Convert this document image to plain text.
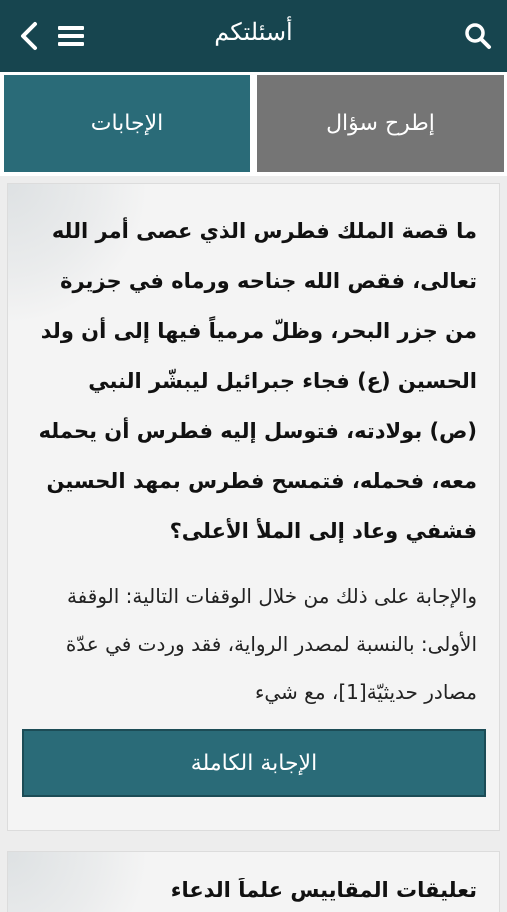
أسئلتكم
الإجابات	إطرح سؤال
ما قصة الملك فطرس الذي عصى أمر الله تعالى، فقص الله جناحه ورماه في جزيرة من جزر البحر، وظلّ مرمياً فيها إلى أن ولد الحسين (ع) فجاء جبرائيل ليبشّر النبي (ص) بولادته، فتوسل إليه فطرس أن يحمله معه، فحمله، فتمسح فطرس بمهد الحسين فشفي وعاد إلى الملأ الأعلى؟
والإجابة على ذلك من خلال الوقفات التالية: الوقفة الأولى: بالنسبة لمصدر الرواية، فقد وردت في عدّة مصادر حديثيّة[1]، مع شيء
الإجابة الكاملة
تعليقات المقاييس علماً الدعاء
